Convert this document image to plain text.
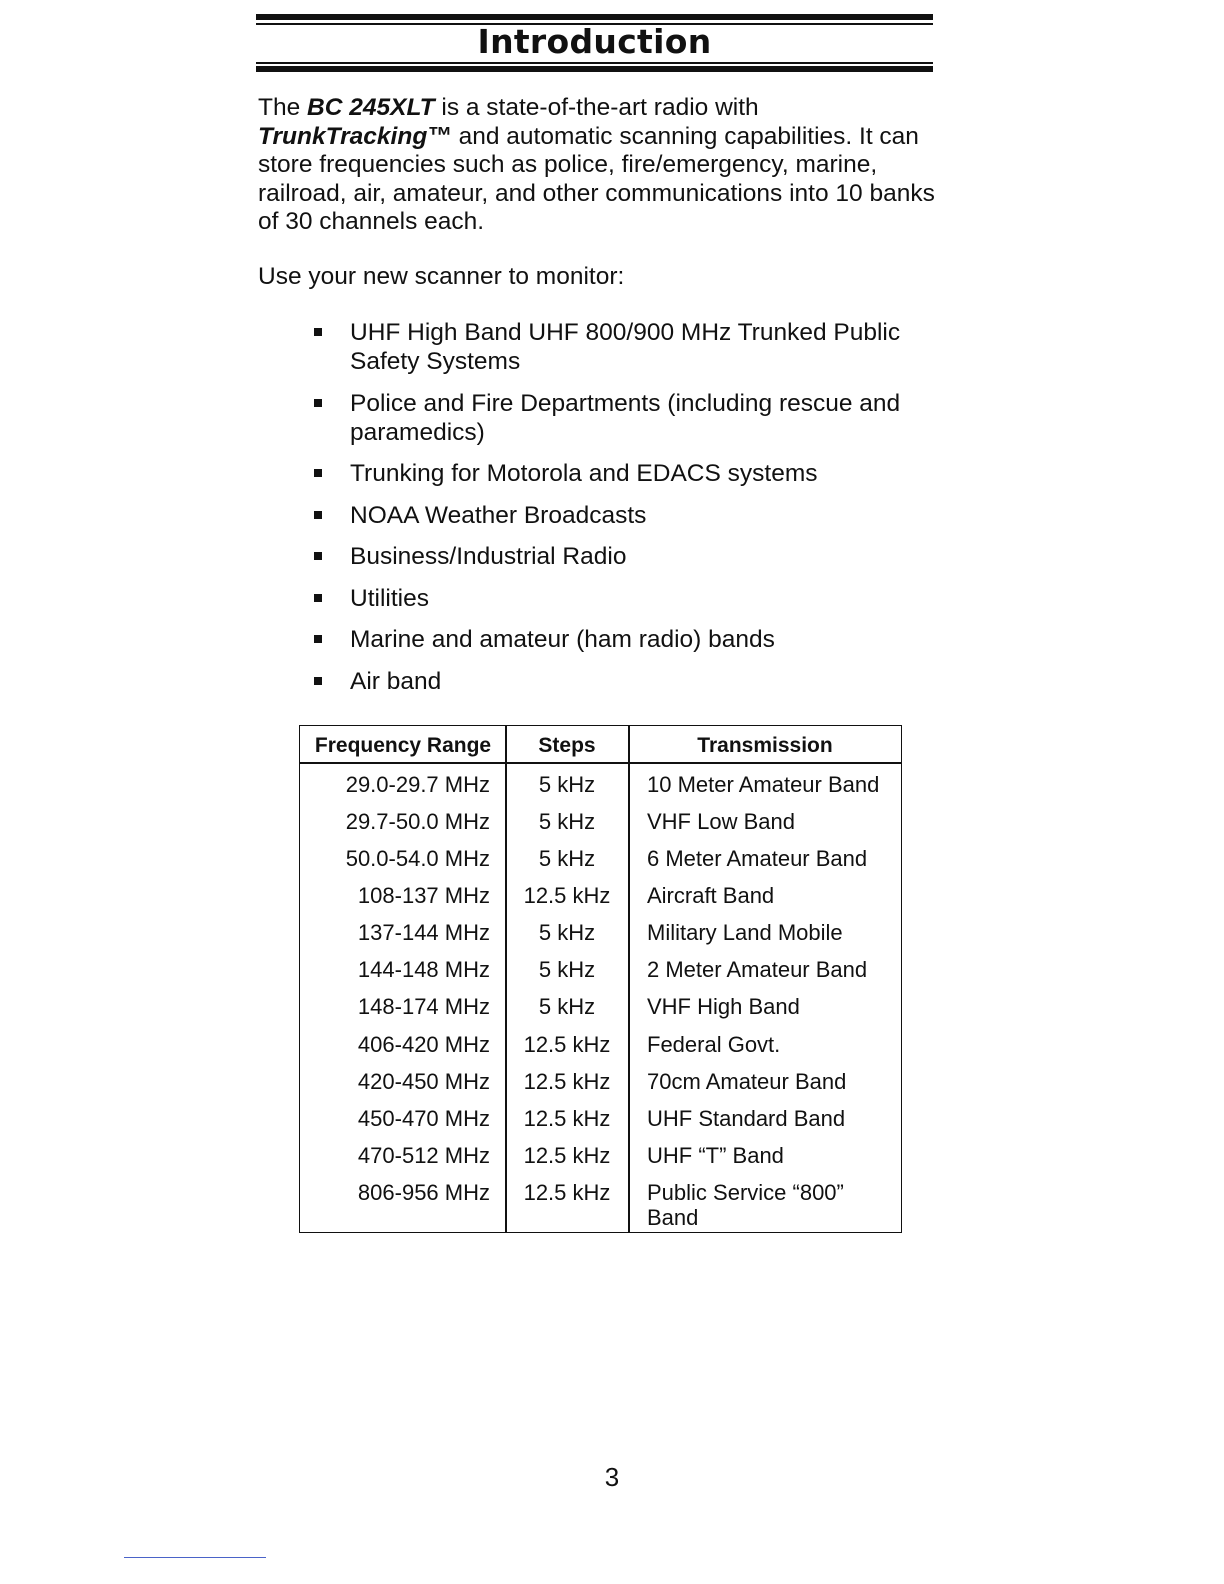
Introduction
The BC 245XLT is a state-of-the-art radio with
TrunkTracking™ and automatic scanning capabilities. It can store frequencies such as police, fire/emergency, marine, railroad, air, amateur, and other communications into 10 banks of 30 channels each.
Use your new scanner to monitor:
UHF High Band UHF 800/900 MHz Trunked Public Safety Systems
Police and Fire Departments (including rescue and paramedics)
Trunking for Motorola and EDACS systems
NOAA Weather Broadcasts
Business/Industrial Radio
Utilities
Marine and amateur (ham radio) bands
Air band
Frequency Range	Steps	Transmission
29.0-29.7 MHz	5 kHz	10 Meter Amateur Band
29.7-50.0 MHz	5 kHz	VHF Low Band
50.0-54.0 MHz	5 kHz	6 Meter Amateur Band
108-137 MHz	12.5 kHz	Aircraft Band
137-144 MHz	5 kHz	Military Land Mobile
144-148 MHz	5 kHz	2 Meter Amateur Band
148-174 MHz	5 kHz	VHF High Band
406-420 MHz	12.5 kHz	Federal Govt.
420-450 MHz	12.5 kHz	70cm Amateur Band
450-470 MHz	12.5 kHz	UHF Standard Band
470-512 MHz	12.5 kHz	UHF “T” Band
806-956 MHz	12.5 kHz	Public Service “800” Band
3
